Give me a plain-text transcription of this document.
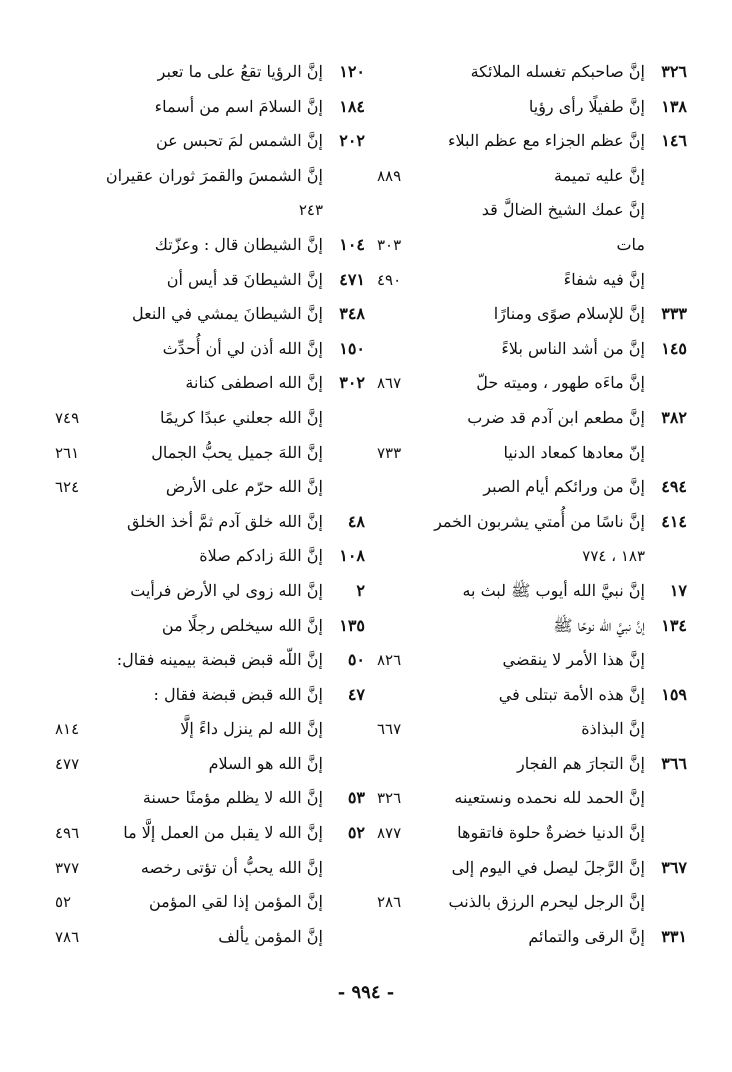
٣٢٦إنَّ صاحبكم تغسله الملائكة
١٣٨إنَّ طفيلًا رأى رؤيا
١٤٦إنَّ عظم الجزاء مع عظم البلاء
إنَّ عليه تميمة
٨٨٩
إنَّ عمك الشيخ الضالَّ قد
مات
٣٠٣
إنَّ فيه شفاءً
٤٩٠
٣٣٣إنَّ للإسلام صوًى ومنارًا
١٤٥إنَّ من أشد الناس بلاءً
إنَّ ماءَه طهور ، وميته حلّ
٨٦٧
٣٨٢إنَّ مطعم ابن آدم قد ضرب
إنّ معادها كمعاد الدنيا
٧٣٣
٤٩٤إنَّ من ورائكم أيام الصبر
٤١٤إنَّ ناسًا من أُمتي يشربون الخمر
١٨٣ ، ٧٧٤
١٧إنَّ نبيَّ الله أيوب ﷺ لبث به
١٣٤إنَّ نبيَّ الله نوحًا ﷺ
إنَّ هذا الأمر لا ينقضي
٨٢٦
١٥٩إنَّ هذه الأمة تبتلى في
إنَّ البذاذة
٦٦٧
٣٦٦إنَّ التجارَ هم الفجار
إنَّ الحمد لله نحمده ونستعينه
٣٢٦
إنَّ الدنيا خضرةٌ حلوة فاتقوها
٨٧٧
٣٦٧إنَّ الرَّجلَ ليصل في اليوم إلى
إنَّ الرجل ليحرم الرزق بالذنب
٢٨٦
٣٣١إنَّ الرقى والتمائم
١٢٠إنَّ الرؤيا تقعُ على ما تعبر
١٨٤إنَّ السلامَ اسم من أسماء
٢٠٢إنَّ الشمس لمَ تحبس عن
إنَّ الشمسَ والقمرَ ثوران عقيران
٢٤٣
١٠٤إنَّ الشيطان قال : وعزّتك
٤٧١إنَّ الشيطانَ قد أيس أن
٣٤٨إنَّ الشيطانَ يمشي في النعل
١٥٠إنَّ الله أذن لي أن أُحدِّث
٣٠٢إنَّ الله اصطفى كنانة
إنَّ الله جعلني عبدًا كريمًا
٧٤٩
إنَّ اللهَ جميل يحبُّ الجمال
٢٦١
إنَّ الله حرّم على الأرض
٦٢٤
٤٨إنَّ الله خلق آدم ثمَّ أخذ الخلق
١٠٨إنَّ اللهَ زادكم صلاة
٢إنَّ الله زوى لي الأرض فرأيت
١٣٥إنَّ الله سيخلص رجلًا من
٥٠إنَّ اللّه قبض قبضة بيمينه فقال:
٤٧إنَّ الله قبض قبضة فقال :
إنَّ الله لم ينزل داءً إلَّا
٨١٤
إنَّ الله هو السلام
٤٧٧
٥٣إنَّ الله لا يظلم مؤمنًا حسنة
٥٢إنَّ الله لا يقبل من العمل إلَّا ما
٤٩٦
إنَّ الله يحبُّ أن تؤتى رخصه
٣٧٧
إنَّ المؤمن إذا لقي المؤمن
٥٢
إنَّ المؤمن يألف
٧٨٦
- ٩٩٤ -
